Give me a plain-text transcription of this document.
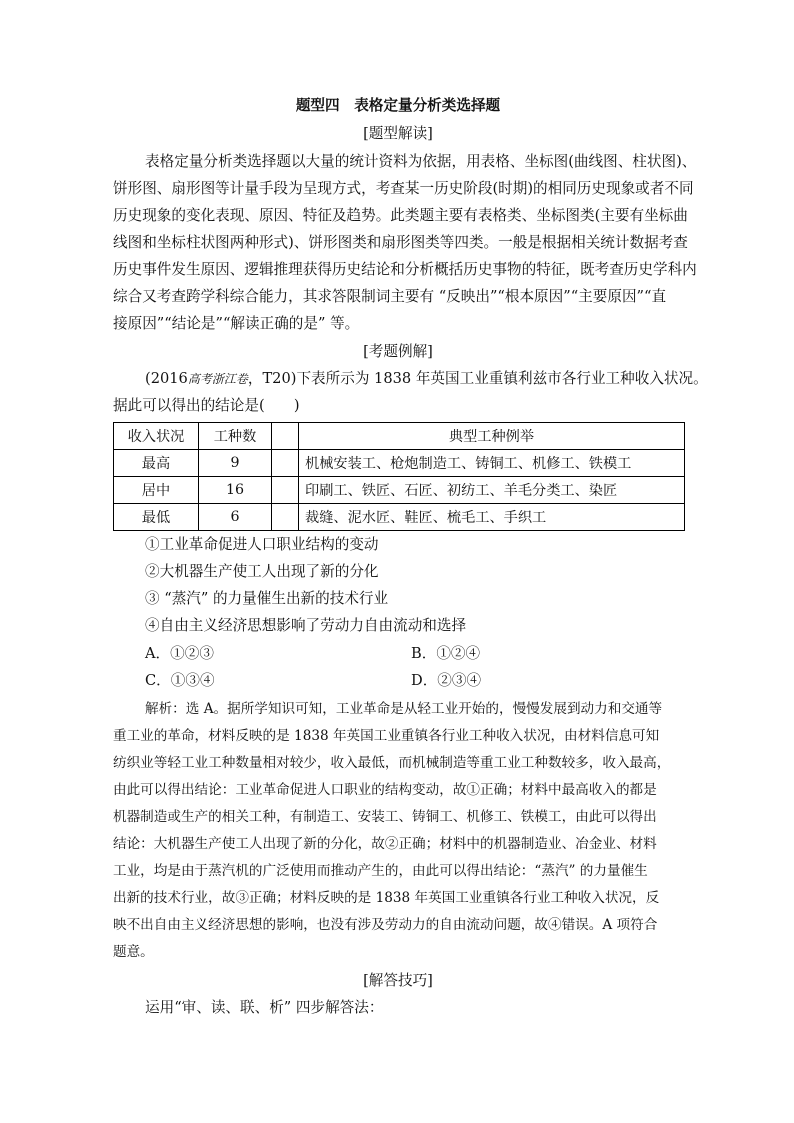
题型四　表格定量分析类选择题
[题型解读]
表格定量分析类选择题以大量的统计资料为依据，用表格、坐标图(曲线图、柱状图)、
饼形图、扇形图等计量手段为呈现方式，考查某一历史阶段(时期)的相同历史现象或者不同
历史现象的变化表现、原因、特征及趋势。此类题主要有表格类、坐标图类(主要有坐标曲
线图和坐标柱状图两种形式)、饼形图类和扇形图类等四类。一般是根据相关统计数据考查
历史事件发生原因、逻辑推理获得历史结论和分析概括历史事物的特征，既考查历史学科内
综合又考查跨学科综合能力，其求答限制词主要有 “反映出”“根本原因”“主要原因”“直
接原因”“结论是”“解读正确的是” 等。
[考题例解]
(2016高考浙江卷，T20)下表所示为 1838 年英国工业重镇利兹市各行业工种收入状况。
据此可以得出的结论是(　　)
收入状况	工种数		典型工种例举
最高	9		机械安装工、枪炮制造工、铸铜工、机修工、铁模工
居中	16		印刷工、铁匠、石匠、初纺工、羊毛分类工、染匠
最低	6		裁缝、泥水匠、鞋匠、梳毛工、手织工
①工业革命促进人口职业结构的变动
②大机器生产使工人出现了新的分化
③ “蒸汽” 的力量催生出新的技术行业
④自由主义经济思想影响了劳动力自由流动和选择
A．①②③	B．①②④
C．①③④	D．②③④
解析：选 A。据所学知识可知，工业革命是从轻工业开始的，慢慢发展到动力和交通等
重工业的革命，材料反映的是 1838 年英国工业重镇各行业工种收入状况，由材料信息可知
纺织业等轻工业工种数量相对较少，收入最低，而机械制造等重工业工种数较多，收入最高，
由此可以得出结论：工业革命促进人口职业的结构变动，故①正确；材料中最高收入的都是
机器制造或生产的相关工种，有制造工、安装工、铸铜工、机修工、铁模工，由此可以得出
结论：大机器生产使工人出现了新的分化，故②正确；材料中的机器制造业、冶金业、材料
工业，均是由于蒸汽机的广泛使用而推动产生的，由此可以得出结论：“蒸汽” 的力量催生
出新的技术行业，故③正确；材料反映的是 1838 年英国工业重镇各行业工种收入状况，反
映不出自由主义经济思想的影响，也没有涉及劳动力的自由流动问题，故④错误。A 项符合
题意。
[解答技巧]
运用“审、读、联、析” 四步解答法：
